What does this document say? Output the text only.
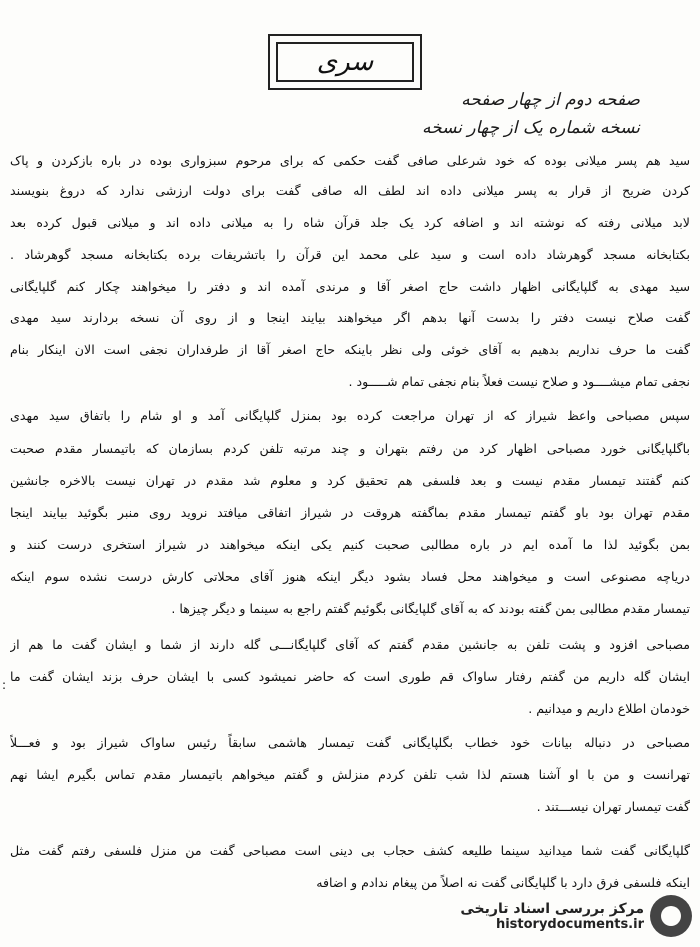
سری
صفحه دوم از چهار صفحه
نسخه شماره یک از چهار نسخه
سید هم پسر میلانی بوده که خود شرعلی صافی گفت حکمی که برای مرحوم سبزواری بوده در باره بازکردن و پاک
کردن ضریح از قرار به پسر میلانی داده اند لطف اله صافی گفت برای دولت ارزشی ندارد که دروغ بنویسند
لابد میلانی رفته که نوشته اند و اضافه کرد یک جلد قرآن شاه را به میلانی داده اند و میلانی قبول کرده بعد
بکتابخانه مسجد گوهرشاد داده است و سید علی محمد این قرآن را باتشریفات برده بکتابخانه مسجد گوهرشاد .
سید مهدی به گلپایگانی اظهار داشت حاج اصغر آقا و مرندی آمده اند و دفتر را میخواهند چکار کنم گلپایگانی
گفت صلاح نیست دفتر را بدست آنها بدهم اگر میخواهند بیایند اینجا و از روی آن نسخه بردارند سید مهدی
گفت ما حرف نداریم بدهیم به آقای خوئی ولی نظر باینکه حاج اصغر آقا از طرفداران نجفی است الان اینکار بنام
نجفی تمام میشــــود و صلاح نیست فعلاً بنام نجفی تمام شـــــود .
سپس مصباحی واعظ شیراز که از تهران مراجعت کرده بود بمنزل گلپایگانی آمد و او شام را باتفاق سید مهدی
باگلپایگانی خورد مصباحی اظهار کرد من رفتم بتهران و چند مرتبه تلفن کردم بسازمان که باتیمسار مقدم صحبت
کنم گفتند تیمسار مقدم نیست و بعد فلسفی هم تحقیق کرد و معلوم شد مقدم در تهران نیست بالاخره جانشین
مقدم تهران بود باو گفتم تیمسار مقدم بماگفته هروقت در شیراز اتفاقی میافتد نروید روی منبر بگوئید بیایند اینجا
بمن بگوئید لذا ما آمده ایم در باره مطالبی صحبت کنیم یکی اینکه میخواهند در شیراز استخری درست کنند و
دریاچه مصنوعی است و میخواهند محل فساد بشود دیگر اینکه هنوز آقای محلاتی کارش درست نشده سوم اینکه
تیمسار مقدم مطالبی بمن گفته بودند که به آقای گلپایگانی بگوئیم گفتم راجع به سینما و دیگر چیزها .
مصباحی افزود و پشت تلفن به جانشین مقدم گفتم که آقای گلپایگانـــی گله دارند از شما و ایشان گفت ما هم از
ایشان گله داریم من گفتم رفتار ساواک قم طوری است که حاضر نمیشود کسی با ایشان حرف بزند ایشان گفت ما
خودمان اطلاع داریم و میدانیم .
مصباحی در دنباله بیانات خود خطاب بگلپایگانی گفت تیمسار هاشمی سابقاً رئیس ساواک شیراز بود و فعـــلاً
تهرانست و من با او آشنا هستم لذا شب تلفن کردم منزلش و گفتم میخواهم باتیمسار مقدم تماس بگیرم ایشا نهم
گفت تیمسار تهران نیســـتند .
گلپایگانی گفت شما میدانید سینما طلیعه کشف حجاب بی دینی است مصباحی گفت من منزل فلسفی رفتم گفت مثل
اینکه فلسفی فرق دارد با گلپایگانی گفت نه اصلاً من پیغام ندادم و اضافه
:
مرکز بررسی اسناد تاریخی
historydocuments.ir
